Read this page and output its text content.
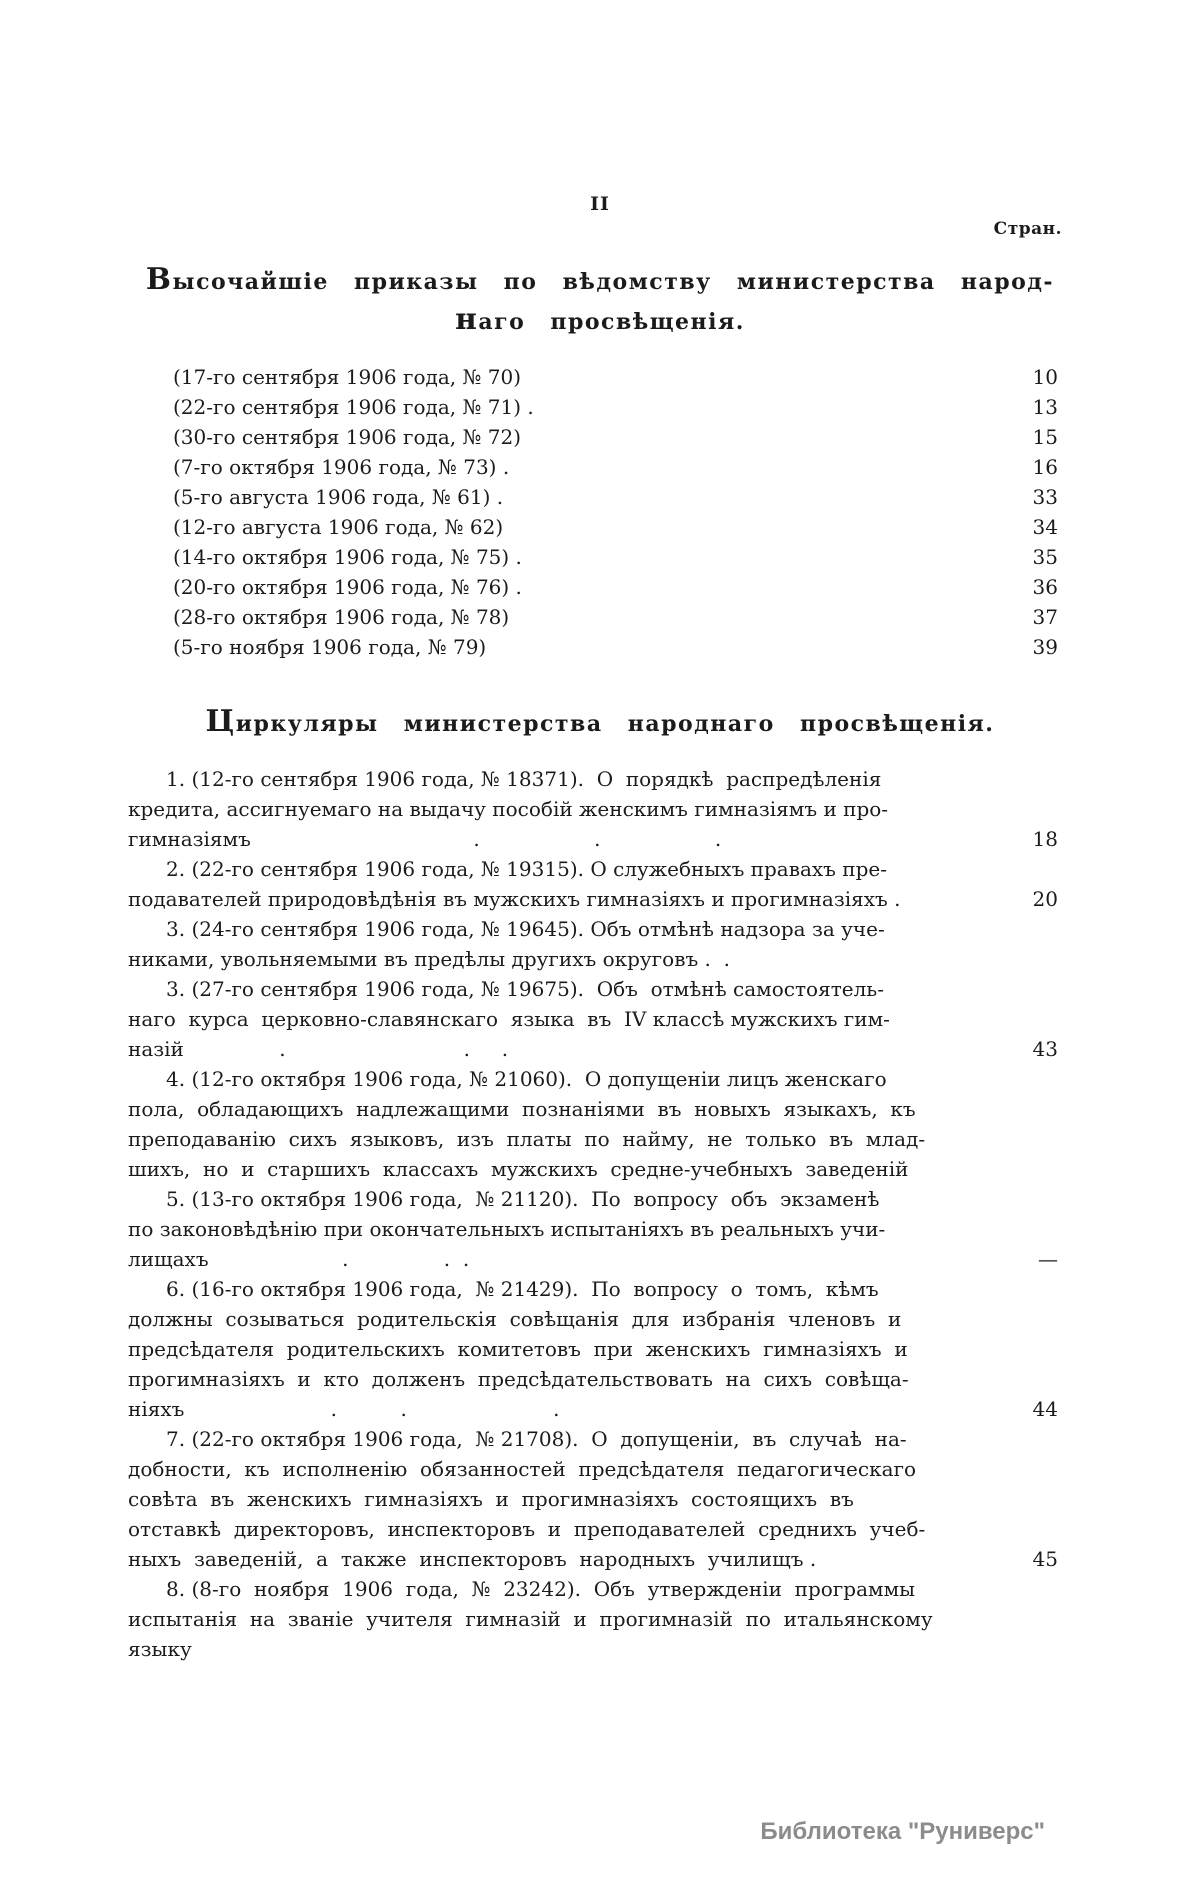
II
Стран.
Высочайшіе приказы по вѣдомству министерства народ-
наго просвѣщенія.
(17-го сентября 1906 года, № 70)	10
(22-го сентября 1906 года, № 71) .	13
(30-го сентября 1906 года, № 72)	15
(7-го октября 1906 года, № 73) .	16
(5-го августа 1906 года, № 61) .	33
(12-го августа 1906 года, № 62)	34
(14-го октября 1906 года, № 75) .	35
(20-го октября 1906 года, № 76) .	36
(28-го октября 1906 года, № 78)	37
(5-го ноября 1906 года, № 79)	39
Циркуляры министерства народнаго просвѣщенія.
1. (12-го сентября 1906 года, № 18371).  О  порядкѣ  распредѣленія
кредита, ассигнуемаго на выдачу пособій женскимъ гимназіямъ и про-
гимназіямъ                                   .                  .                  .	18
2. (22-го сентября 1906 года, № 19315). О служебныхъ правахъ пре-
подавателей природовѣдѣнія въ мужскихъ гимназіяхъ и прогимназіяхъ .	20
3. (24-го сентября 1906 года, № 19645). Объ отмѣнѣ надзора за уче-
никами, увольняемыми въ предѣлы другихъ округовъ .  .
3. (27-го сентября 1906 года, № 19675).  Объ  отмѣнѣ самостоятель-
наго  курса  церковно-славянскаго  языка  въ  IV классѣ мужскихъ гим-
назій               .                            .     .	43
4. (12-го октября 1906 года, № 21060).  О допущеніи лицъ женскаго
пола,  обладающихъ  надлежащими  познаніями  въ  новыхъ  языкахъ,  къ
преподаванію  сихъ  языковъ,  изъ  платы  по  найму,  не  только  въ  млад-
шихъ,  но  и  старшихъ  классахъ  мужскихъ  средне-учебныхъ  заведеній
5. (13-го октября 1906 года,  № 21120).  По  вопросу  объ  экзаменѣ
по законовѣдѣнію при окончательныхъ испытаніяхъ въ реальныхъ учи-
лищахъ                     .               .  .	—
6. (16-го октября 1906 года,  № 21429).  По  вопросу  о  томъ,  кѣмъ
должны  созываться  родительскія  совѣщанія  для  избранія  членовъ  и
предсѣдателя  родительскихъ  комитетовъ  при  женскихъ  гимназіяхъ  и
прогимназіяхъ  и  кто  долженъ  предсѣдательствовать  на  сихъ  совѣща-
ніяхъ                       .          .                       .	44
7. (22-го октября 1906 года,  № 21708).  О  допущеніи,  въ  случаѣ  на-
добности,  къ  исполненію  обязанностей  предсѣдателя  педагогическаго
совѣта  въ  женскихъ  гимназіяхъ  и  прогимназіяхъ  состоящихъ  въ
отставкѣ  директоровъ,  инспекторовъ  и  преподавателей  среднихъ  учеб-
ныхъ  заведеній,  а  также  инспекторовъ  народныхъ  училищъ .	45
8. (8-го  ноября  1906  года,  №  23242).  Объ  утвержденіи  программы
испытанія  на  званіе  учителя  гимназій  и  прогимназій  по  итальянскому
языку
Библиотека "Руниверс"
